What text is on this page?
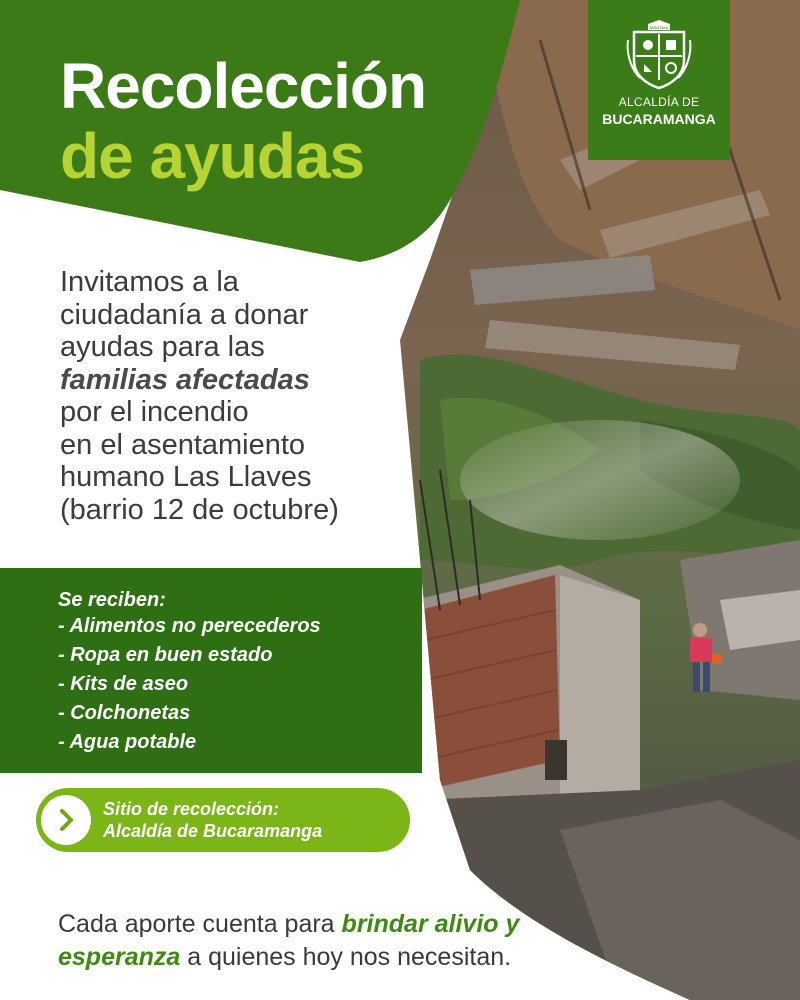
Recolección
de ayudas
MONTANI
ALCALDÍA DE
BUCARAMANGA

Invitamos a la
ciudadanía a donar
ayudas para las
familias afectadas
por el incendio
en el asentamiento
humano Las Llaves
(barrio 12 de octubre)

Se reciben:

- Alimentos no perecederos
- Ropa en buen estado
- Kits de aseo
- Colchonetas
- Agua potable
Sitio de recolección:
Alcaldía de Bucaramanga

Cada aporte cuenta para brindar alivio y
esperanza a quienes hoy nos necesitan.
